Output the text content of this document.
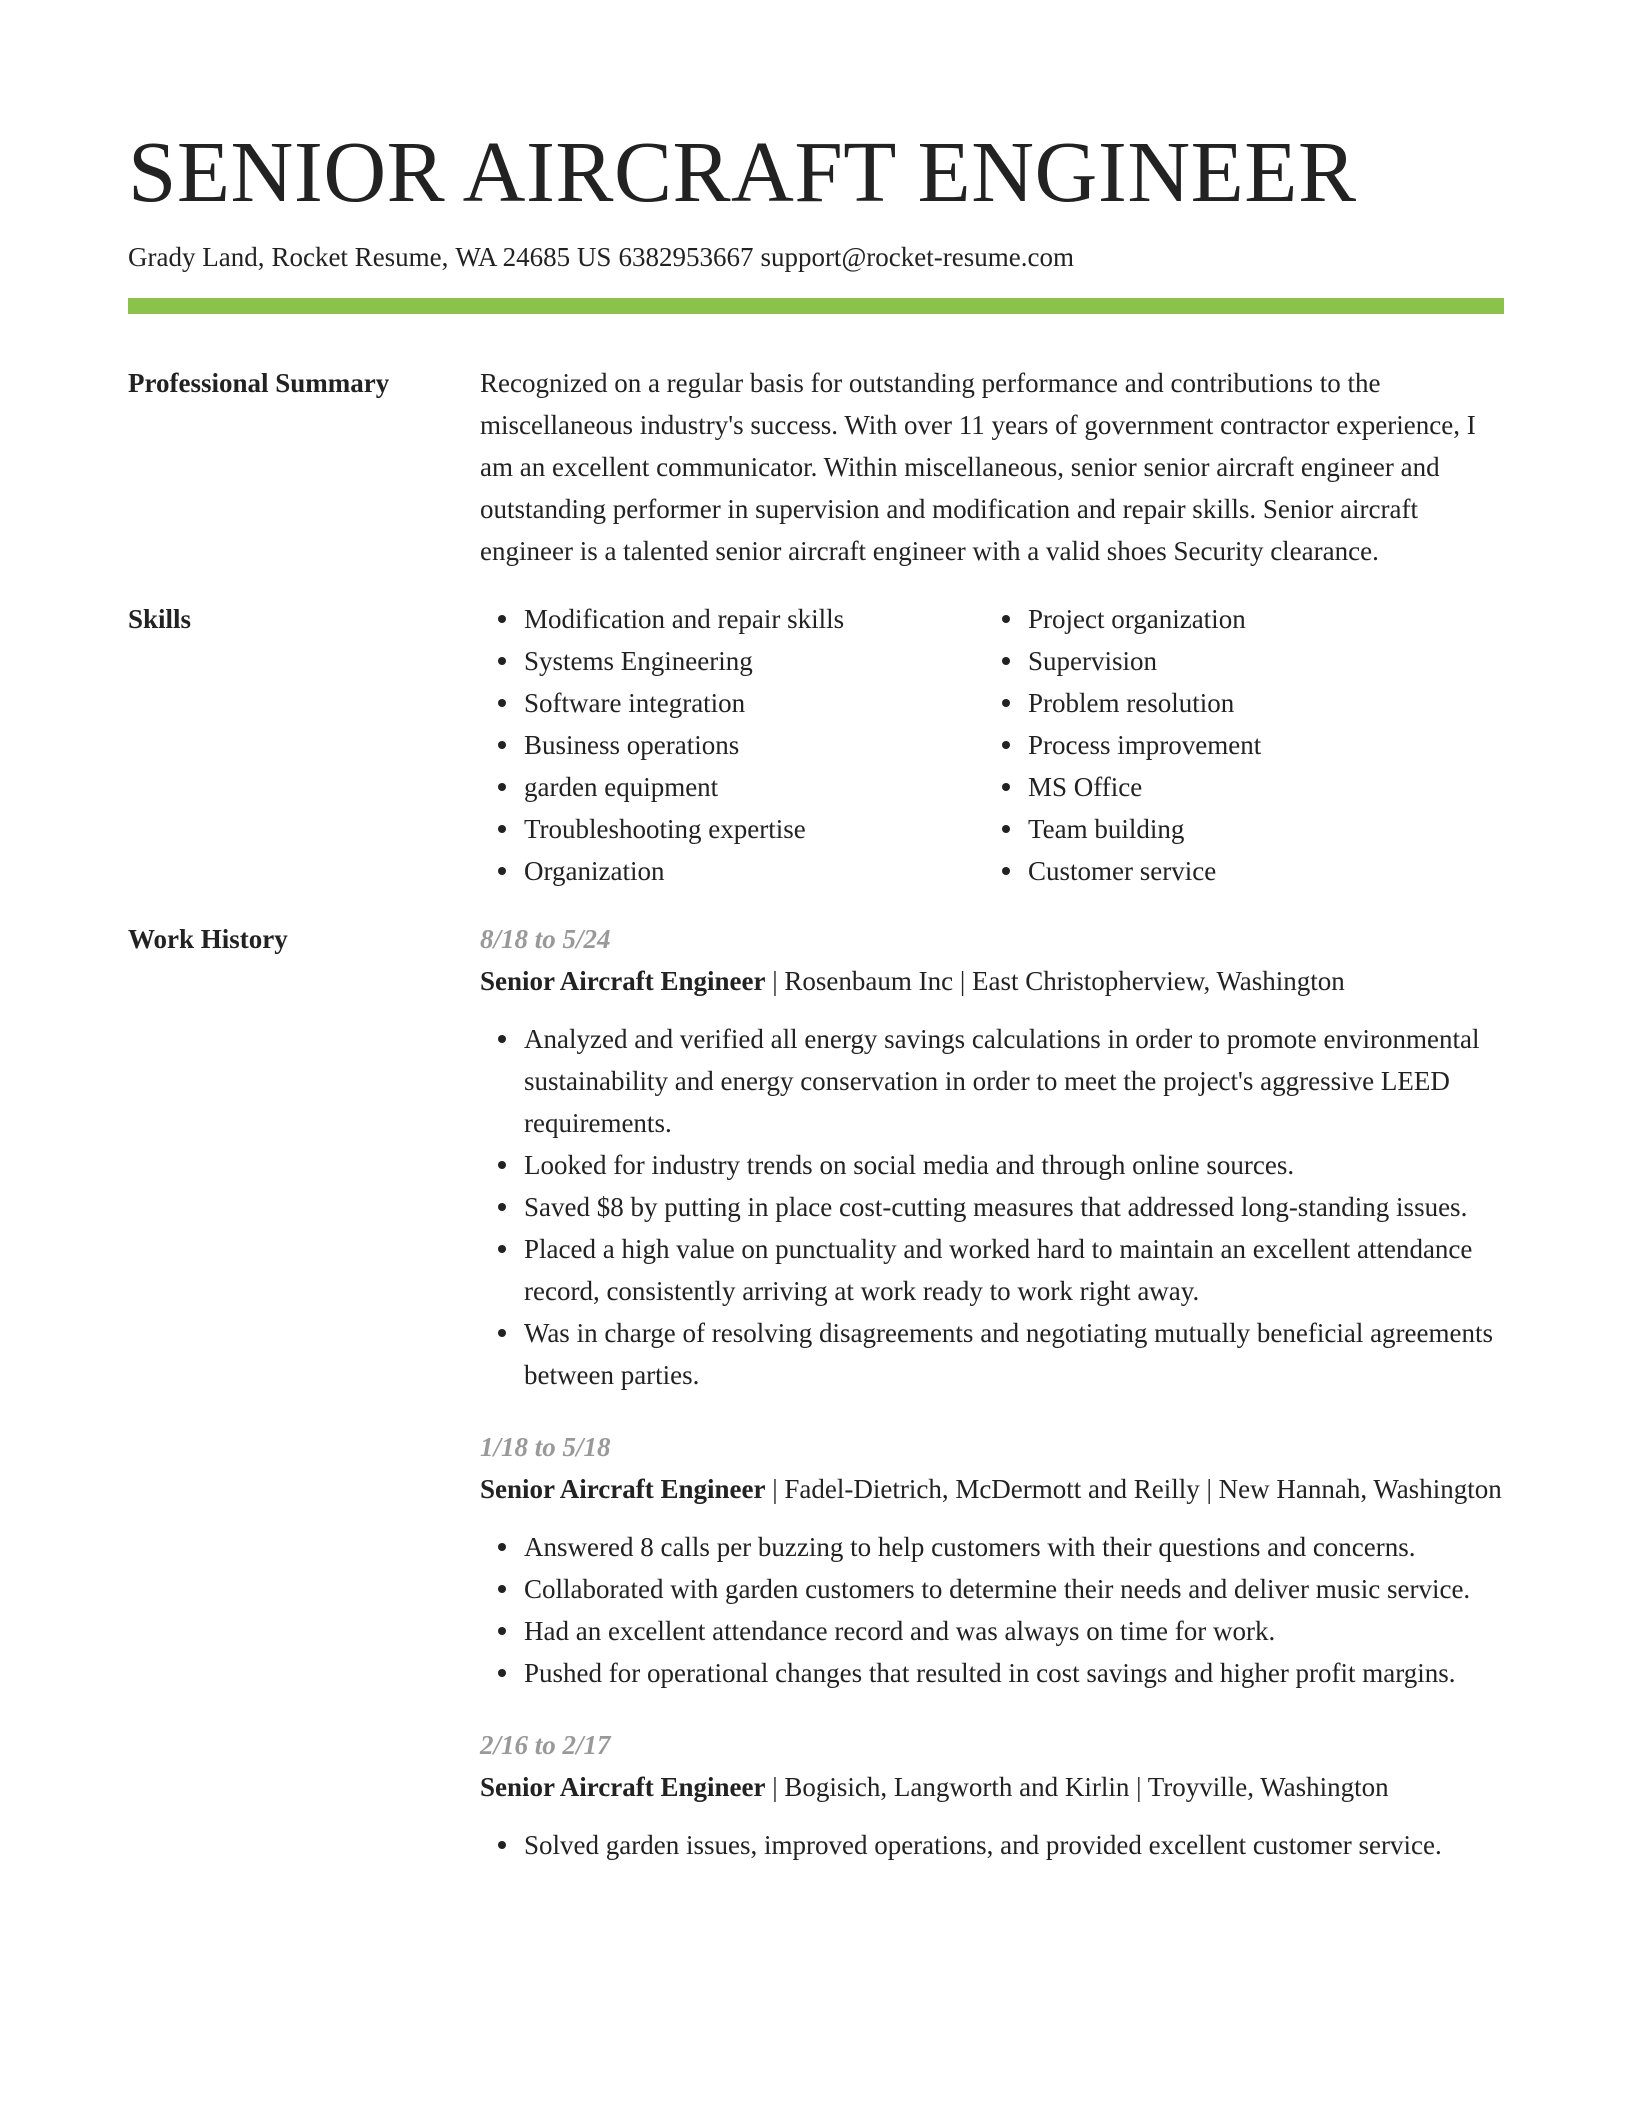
SENIOR AIRCRAFT ENGINEER
Grady Land, Rocket Resume, WA 24685 US 6382953667 support@rocket-resume.com
Professional Summary	Recognized on a regular basis for outstanding performance and contributions to the miscellaneous industry's success. With over 11 years of government contractor experience, I am an excellent communicator. Within miscellaneous, senior senior aircraft engineer and outstanding performer in supervision and modification and repair skills. Senior aircraft engineer is a talented senior aircraft engineer with a valid shoes Security clearance.

Skills	Modification and repair skills
Systems Engineering
Software integration
Business operations
garden equipment
Troubleshooting expertise
Organization
Project organization
Supervision
Problem resolution
Process improvement
MS Office
Team building
Customer service
Work History	8/18 to 5/24
Senior Aircraft Engineer | Rosenbaum Inc | East Christopherview, Washington
Analyzed and verified all energy savings calculations in order to promote environmental sustainability and energy conservation in order to meet the project's aggressive LEED requirements.
Looked for industry trends on social media and through online sources.
Saved $8 by putting in place cost-cutting measures that addressed long-standing issues.
Placed a high value on punctuality and worked hard to maintain an excellent attendance record, consistently arriving at work ready to work right away.
Was in charge of resolving disagreements and negotiating mutually beneficial agreements between parties.
1/18 to 5/18
Senior Aircraft Engineer | Fadel-Dietrich, McDermott and Reilly | New Hannah, Washington
Answered 8 calls per buzzing to help customers with their questions and concerns.
Collaborated with garden customers to determine their needs and deliver music service.
Had an excellent attendance record and was always on time for work.
Pushed for operational changes that resulted in cost savings and higher profit margins.
2/16 to 2/17
Senior Aircraft Engineer | Bogisich, Langworth and Kirlin | Troyville, Washington
Solved garden issues, improved operations, and provided excellent customer service.
